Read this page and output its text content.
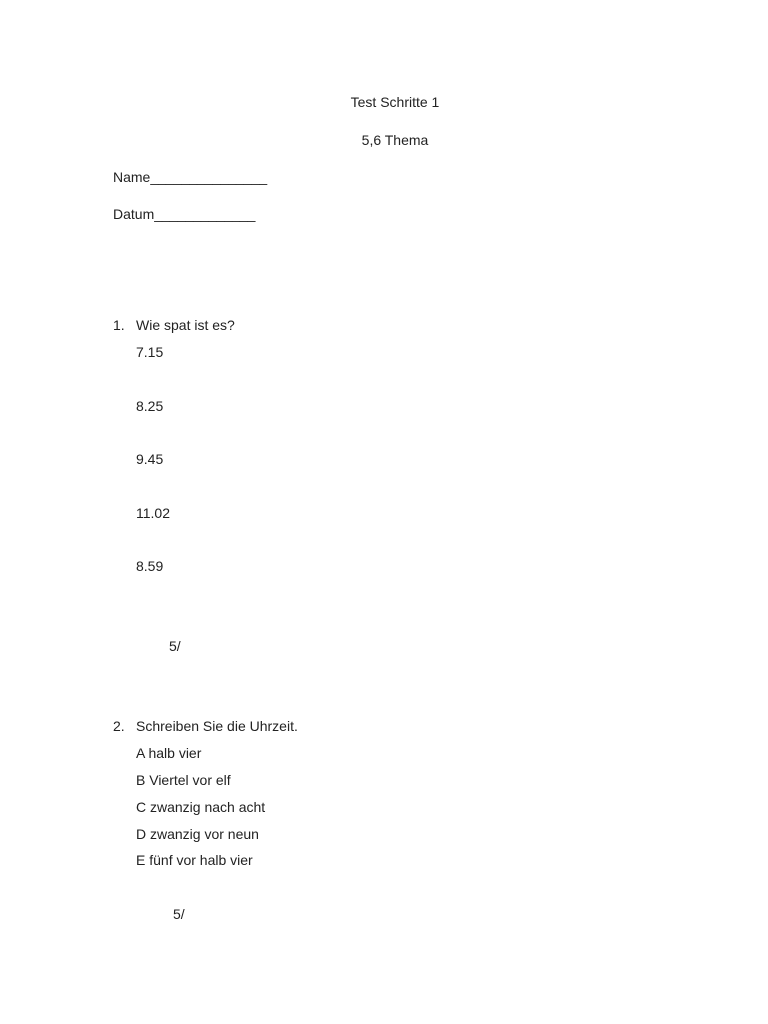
Test Schritte 1
5,6 Thema
Name_______________
Datum_____________
1. Wie spat ist es?
7.15
8.25
9.45
11.02
8.59
5/
2. Schreiben Sie die Uhrzeit.
A halb vier
B Viertel vor elf
C zwanzig nach acht
D zwanzig vor neun
E fünf vor halb vier
5/
